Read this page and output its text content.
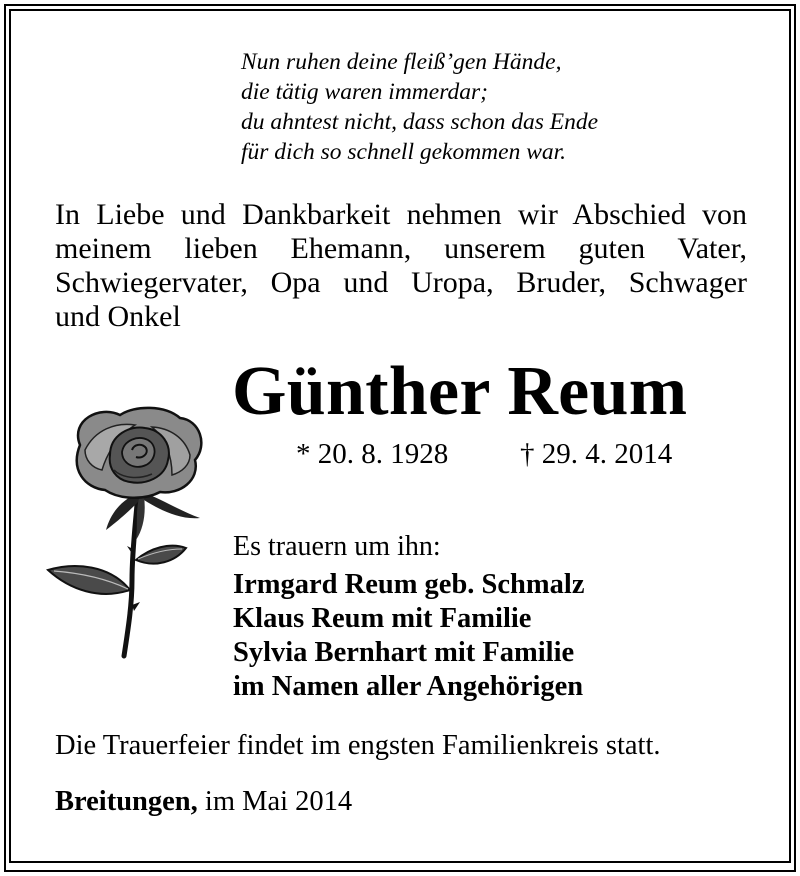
Nun ruhen deine fleiß’gen Hände,
die tätig waren immerdar;
du ahntest nicht, dass schon das Ende
für dich so schnell gekommen war.
In Liebe und Dankbarkeit nehmen wir Abschied von
meinem lieben Ehemann, unserem guten Vater,
Schwiegervater, Opa und Uropa, Bruder, Schwager
und Onkel
Günther Reum
* 20. 8. 1928 † 29. 4. 2014
Es trauern um ihn:
Irmgard Reum geb. Schmalz
Klaus Reum mit Familie
Sylvia Bernhart mit Familie
im Namen aller Angehörigen
Die Trauerfeier findet im engsten Familienkreis statt.
Breitungen, im Mai 2014
